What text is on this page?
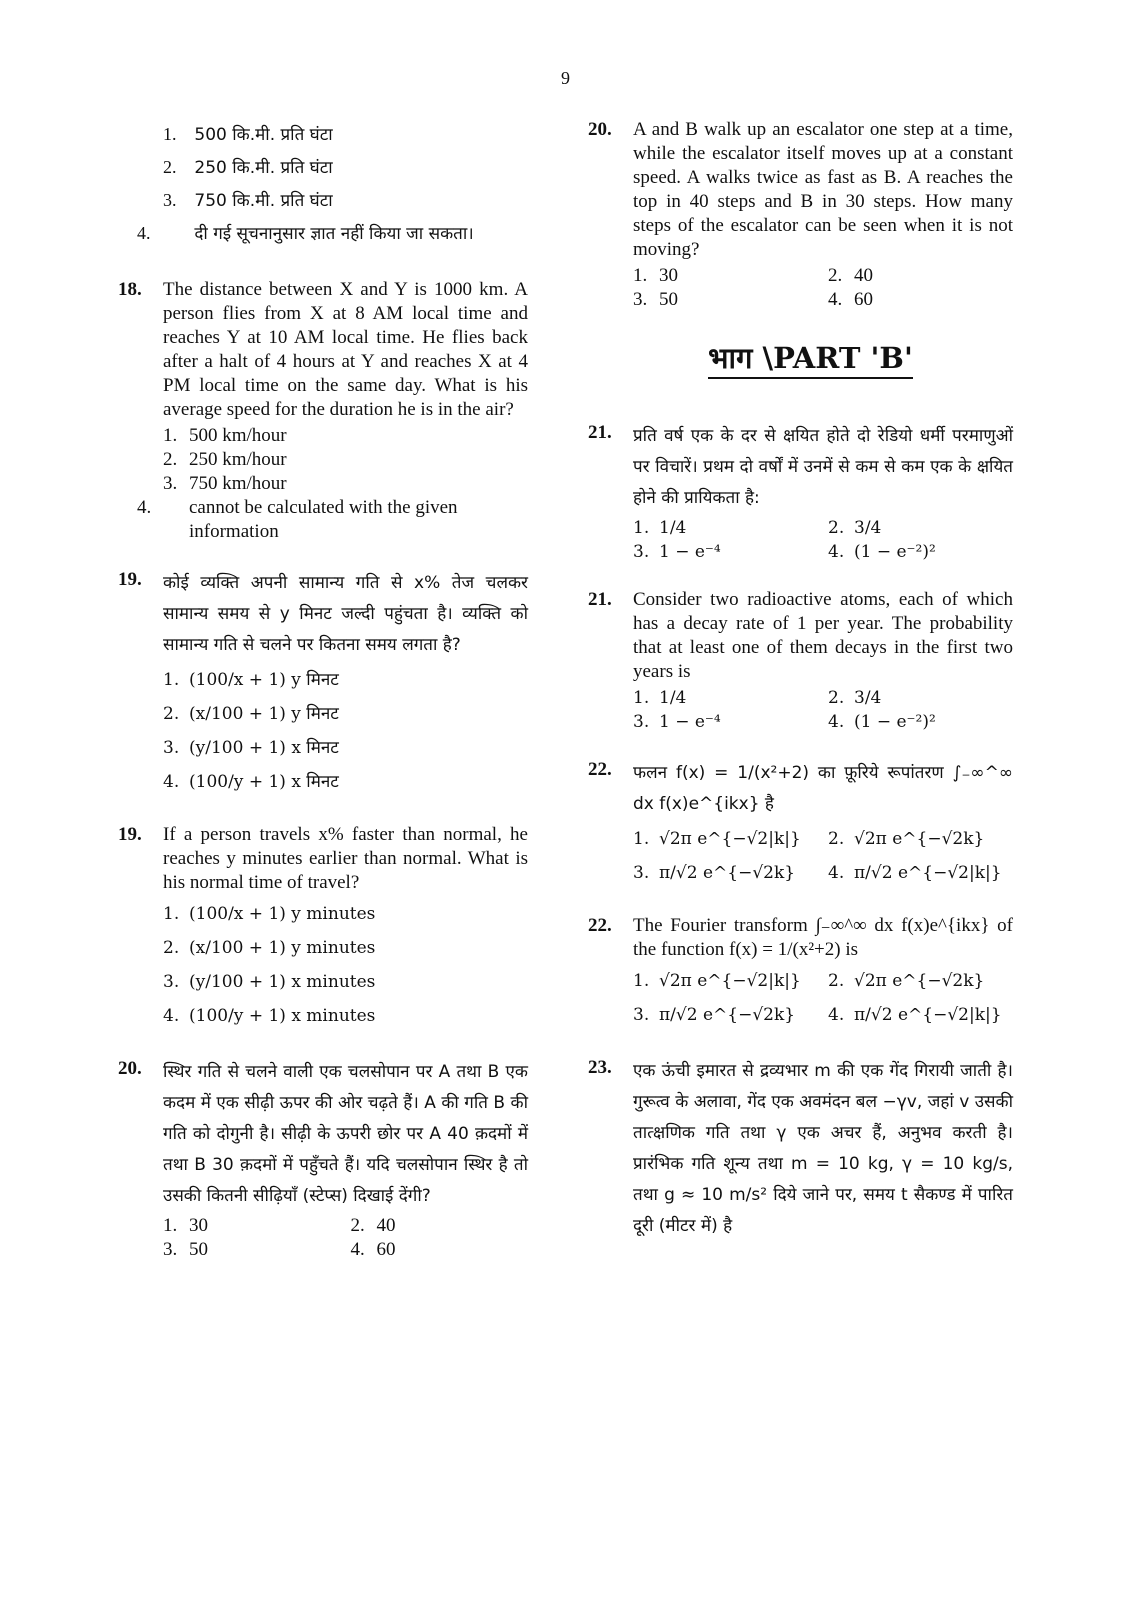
9
1. 500 कि.मी. प्रति घंटा
2. 250 कि.मी. प्रति घंटा
3. 750 कि.मी. प्रति घंटा
4.	दी गई सूचनानुसार ज्ञात नहीं किया जा सकता।
18. The distance between X and Y is 1000 km. A person flies from X at 8 AM local time and reaches Y at 10 AM local time. He flies back after a halt of 4 hours at Y and reaches X at 4 PM local time on the same day. What is his average speed for the duration he is in the air?
1. 500 km/hour
2. 250 km/hour
3. 750 km/hour
4. cannot be calculated with the given information
19. कोई व्यक्ति अपनी सामान्य गति से x% तेज चलकर सामान्य समय से y मिनट जल्दी पहुंचता है। व्यक्ति को सामान्य गति से चलने पर कितना समय लगता है?
1. (100/x + 1) y मिनट
2. (x/100 + 1) y मिनट
3. (y/100 + 1) x मिनट
4. (100/y + 1) x मिनट
19. If a person travels x% faster than normal, he reaches y minutes earlier than normal. What is his normal time of travel?
1. (100/x + 1) y minutes
2. (x/100 + 1) y minutes
3. (y/100 + 1) x minutes
4. (100/y + 1) x minutes
20. स्थिर गति से चलने वाली एक चलसोपान पर A तथा B एक कदम में एक सीढ़ी ऊपर की ओर चढ़ते हैं। A की गति B की गति को दोगुनी है। सीढ़ी के ऊपरी छोर पर A 40 क़दमों में तथा B 30 क़दमों में पहुँचते हैं। यदि चलसोपान स्थिर है तो उसकी कितनी सीढ़ियाँ (स्टेप्स) दिखाई देंगी?
1. 30	2. 40
3. 50	4. 60
20. A and B walk up an escalator one step at a time, while the escalator itself moves up at a constant speed. A walks twice as fast as B. A reaches the top in 40 steps and B in 30 steps. How many steps of the escalator can be seen when it is not moving?
1. 30	2. 40
3. 50	4. 60
भाग \PART 'B'
21. प्रति वर्ष एक के दर से क्षयित होते दो रेडियो धर्मी परमाणुओं पर विचारें। प्रथम दो वर्षों में उनमें से कम से कम एक के क्षयित होने की प्रायिकता है:
1. 1/4	2. 3/4
3. 1 − e⁻⁴	4. (1 − e⁻²)²
21. Consider two radioactive atoms, each of which has a decay rate of 1 per year. The probability that at least one of them decays in the first two years is
1. 1/4	2. 3/4
3. 1 − e⁻⁴	4. (1 − e⁻²)²
22. फलन f(x) = 1/(x²+2) का फ़ूरिये रूपांतरण ∫₋∞^∞ dx f(x)e^{ikx} है
1. √2π e^{−√2|k|}	2. √2π e^{−√2k}
3. π/√2 e^{−√2k}	4. π/√2 e^{−√2|k|}
22. The Fourier transform ∫₋∞^∞ dx f(x)e^{ikx} of the function f(x) = 1/(x²+2) is
1. √2π e^{−√2|k|}	2. √2π e^{−√2k}
3. π/√2 e^{−√2k}	4. π/√2 e^{−√2|k|}
23. एक ऊंची इमारत से द्रव्यभार m की एक गेंद गिरायी जाती है। गुरूत्व के अलावा, गेंद एक अवमंदन बल −γv, जहां v उसकी तात्क्षणिक गति तथा γ एक अचर हैं, अनुभव करती है। प्रारंभिक गति शून्य तथा m = 10 kg, γ = 10 kg/s, तथा g ≈ 10 m/s² दिये जाने पर, समय t सैकण्ड में पारित दूरी (मीटर में) है
